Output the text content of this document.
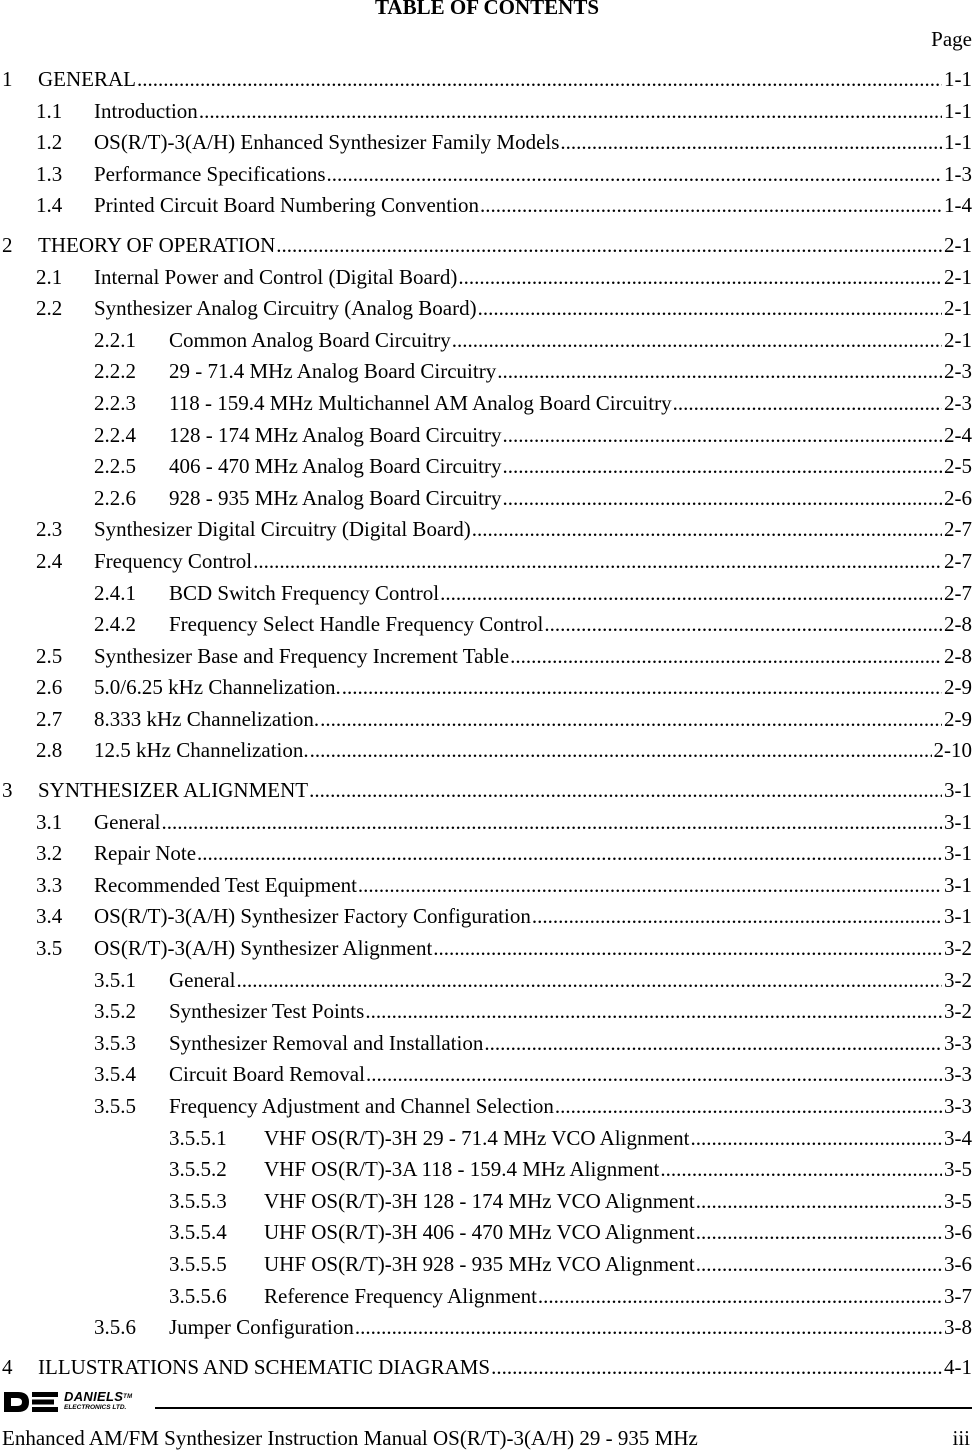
TABLE OF CONTENTS
Page
1 GENERAL .....	1-1
1.1 Introduction .....	1-1
1.2 OS(R/T)-3(A/H) Enhanced Synthesizer Family Models .....	1-1
1.3 Performance Specifications .....	1-3
1.4 Printed Circuit Board Numbering Convention .....	1-4
2 THEORY OF OPERATION .....	2-1
2.1 Internal Power and Control (Digital Board) .....	2-1
2.2 Synthesizer Analog Circuitry (Analog Board) .....	2-1
2.2.1 Common Analog Board Circuitry .....	2-1
2.2.2 29 - 71.4 MHz Analog Board Circuitry .....	2-3
2.2.3 118 - 159.4 MHz Multichannel AM Analog Board Circuitry .....	2-3
2.2.4 128 - 174 MHz Analog Board Circuitry .....	2-4
2.2.5 406 - 470 MHz Analog Board Circuitry .....	2-5
2.2.6 928 - 935 MHz Analog Board Circuitry .....	2-6
2.3 Synthesizer Digital Circuitry (Digital Board) .....	2-7
2.4 Frequency Control .....	2-7
2.4.1 BCD Switch Frequency Control .....	2-7
2.4.2 Frequency Select Handle Frequency Control .....	2-8
2.5 Synthesizer Base and Frequency Increment Table .....	2-8
2.6 5.0/6.25 kHz Channelization. .....	2-9
2.7 8.333 kHz Channelization. .....	2-9
2.8 12.5 kHz Channelization. .....	2-10
3 SYNTHESIZER ALIGNMENT .....	3-1
3.1 General .....	3-1
3.2 Repair Note .....	3-1
3.3 Recommended Test Equipment .....	3-1
3.4 OS(R/T)-3(A/H) Synthesizer Factory Configuration .....	3-1
3.5 OS(R/T)-3(A/H) Synthesizer Alignment .....	3-2
3.5.1 General .....	3-2
3.5.2 Synthesizer Test Points .....	3-2
3.5.3 Synthesizer Removal and Installation .....	3-3
3.5.4 Circuit Board Removal .....	3-3
3.5.5 Frequency Adjustment and Channel Selection .....	3-3
3.5.5.1 VHF OS(R/T)-3H 29 - 71.4 MHz VCO Alignment .....	3-4
3.5.5.2 VHF OS(R/T)-3A 118 - 159.4 MHz Alignment .....	3-5
3.5.5.3 VHF OS(R/T)-3H 128 - 174 MHz VCO Alignment .....	3-5
3.5.5.4 UHF OS(R/T)-3H 406 - 470 MHz VCO Alignment .....	3-6
3.5.5.5 UHF OS(R/T)-3H 928 - 935 MHz VCO Alignment .....	3-6
3.5.5.6 Reference Frequency Alignment .....	3-7
3.5.6 Jumper Configuration .....	3-8
4 ILLUSTRATIONS AND SCHEMATIC DIAGRAMS .....	4-1
DANIELS™
ELECTRONICS LTD.
Enhanced AM/FM Synthesizer Instruction Manual OS(R/T)-3(A/H) 29 - 935 MHz	iii
